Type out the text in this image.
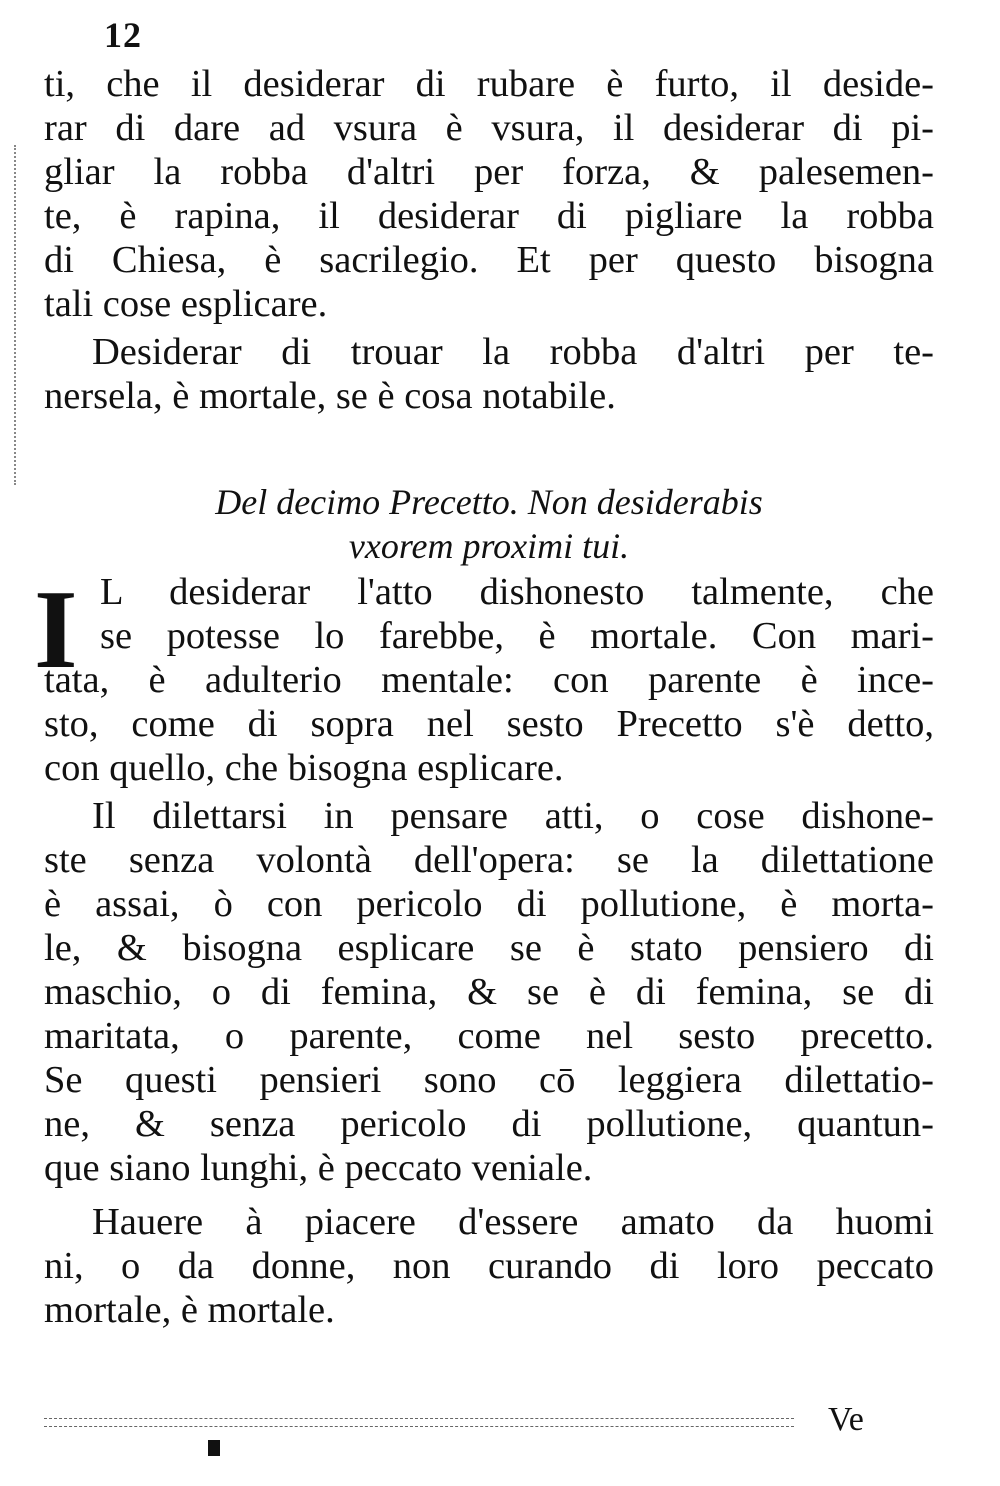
12
ti, che il desiderar di rubare è furto, il deside-
rar di dare ad vsura è vsura, il desiderar di pi-
gliar la robba d'altri per forza, & palesemen-
te, è rapina, il desiderar di pigliare la robba
di Chiesa, è sacrilegio. Et per questo bisogna
tali cose esplicare.
Desiderar di trouar la robba d'altri per te-
nersela, è mortale, se è cosa notabile.
Del decimo Precetto. Non desiderabis
vxorem proximi tui.
I L desiderar l'atto dishonesto talmente, che
se potesse lo farebbe, è mortale. Con mari-
tata, è adulterio mentale: con parente è ince-
sto, come di sopra nel sesto Precetto s'è detto,
con quello, che bisogna esplicare.
Il dilettarsi in pensare atti, o cose dishone-
ste senza volontà dell'opera: se la dilettatione
è assai, ò con pericolo di pollutione, è morta-
le, & bisogna esplicare se è stato pensiero di
maschio, o di femina, & se è di femina, se di
maritata, o parente, come nel sesto precetto.
Se questi pensieri sono cō leggiera dilettatio-
ne, & senza pericolo di pollutione, quantun-
que siano lunghi, è peccato veniale.
Hauere à piacere d'essere amato da huomi
ni, o da donne, non curando di loro peccato
mortale, è mortale.
Ve
